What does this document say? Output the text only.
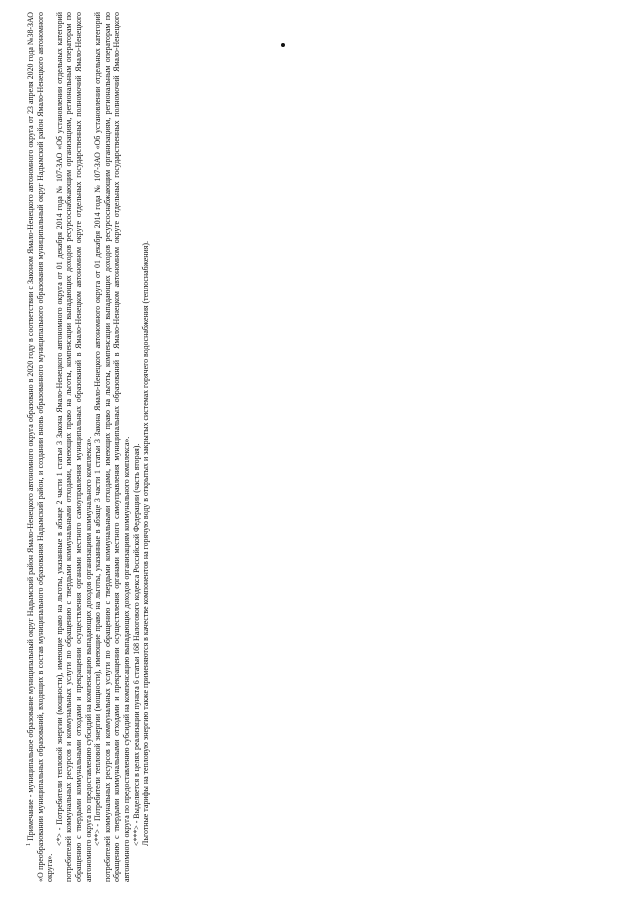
$^1$ Примечание - муниципальное образование муниципальный округ Надымский район Ямало-Ненецкого автономного округа образовано в 2020 году в соответствии с Законом Ямало-Ненецкого автономного округа от 23 апреля 2020 года №38-ЗАО «О преобразовании муниципальных образований, входящих в состав муниципального образования Надымский район, и создании вновь образованного муниципального образования муниципальный округ Надымский район Ямало-Ненецкого автономного округа».

<*> - Потребители тепловой энергии (мощности), имеющие право на льготы, указанные в абзаце 2 части 1 статьи 3 Закона Ямало-Ненецкого автономного округа от 01 декабря 2014 года № 107-ЗАО «Об установлении отдельных категорий потребителей коммунальных ресурсов и коммунальных услуги по обращению с твердыми коммунальными отходами, имеющих право на льготы, компенсации выпадающих доходов ресурсоснабжающим организациям, региональным операторам по обращению с твердыми коммунальными отходами и прекращении осуществления органами местного самоуправления муниципальных образований в Ямало-Ненецком автономном округе отдельных государственных полномочий Ямало-Ненецкого автономного округа по предоставлению субсидий на компенсацию выпадающих доходов организациям коммунального комплекса». <**> - Потребители тепловой энергии (мощности), имеющие право на льготы, указанные в абзаце 3 части 1 статьи 3 Закона Ямало-Ненецкого автономного округа от 01 декабря 2014 года № 107-ЗАО «Об установлении отдельных категорий потребителей коммунальных ресурсов и коммунальных услуги по обращению с твердыми коммунальными отходами, имеющих право на льготы, компенсации выпадающих доходов ресурсоснабжающим организациям, региональным операторам по обращению с твердыми коммунальными отходами и прекращении осуществления органами местного самоуправления муниципальных образований в Ямало-Ненецком автономном округе отдельных государственных полномочий Ямало-Ненецкого автономного округа по предоставлению субсидий на компенсацию выпадающих доходов организациям коммунального комплекса». <***> - Выделяется в целях реализации пункта 6 статьи 168 Налогового кодекса Российской Федерации (часть вторая). Льготные тарифы на тепловую энергию также применяются в качестве компонентов на горячую воду в открытых и закрытых системах горячего водоснабжения (теплоснабжения).
